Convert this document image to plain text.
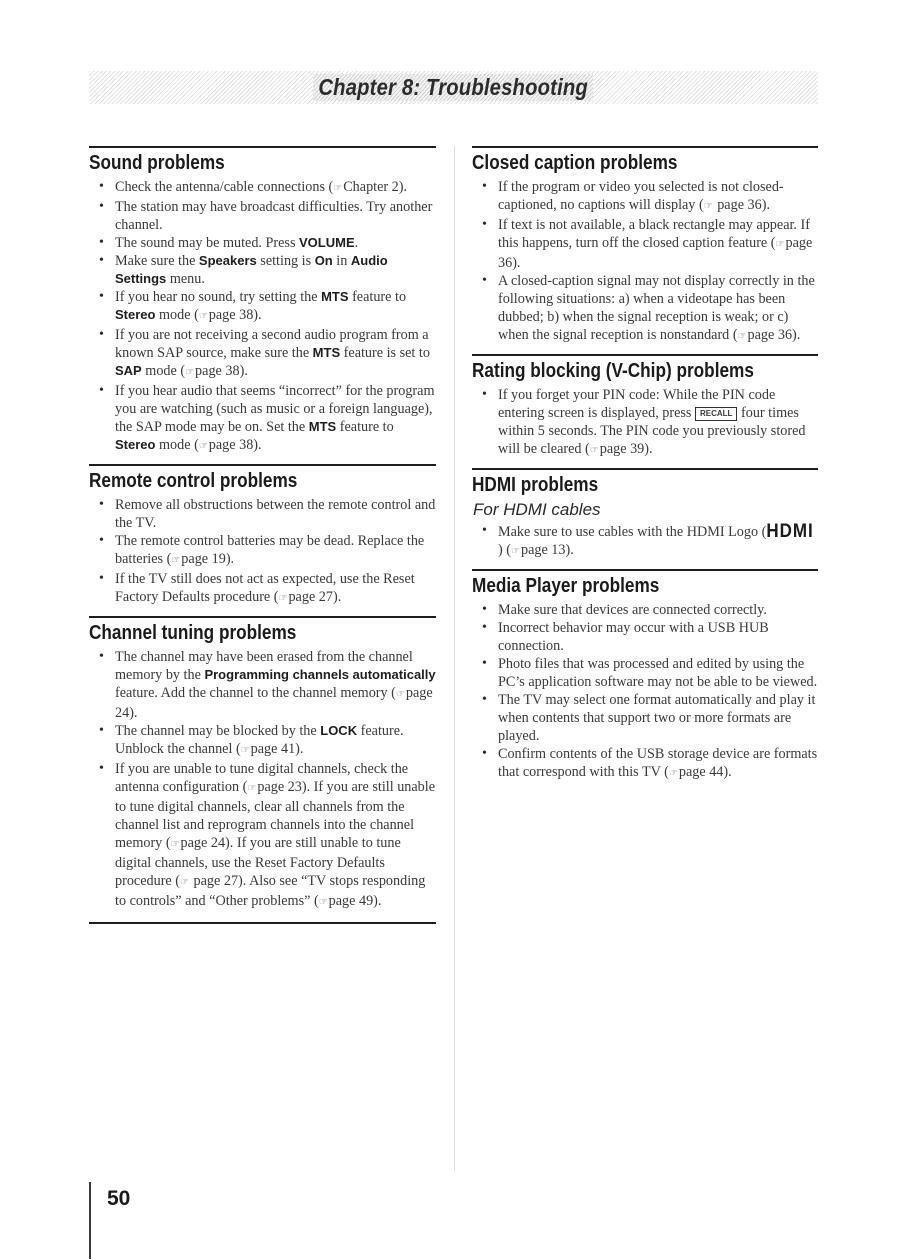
Chapter 8: Troubleshooting
Sound problems
• Check the antenna/cable connections (☞ Chapter 2).
• The station may have broadcast difficulties. Try another channel.
• The sound may be muted. Press VOLUME.
• Make sure the Speakers setting is On in Audio Settings menu.
• If you hear no sound, try setting the MTS feature to Stereo mode (☞ page 38).
• If you are not receiving a second audio program from a known SAP source, make sure the MTS feature is set to SAP mode (☞ page 38).
• If you hear audio that seems “incorrect” for the program you are watching (such as music or a foreign language), the SAP mode may be on. Set the MTS feature to Stereo mode (☞ page 38).
Remote control problems
• Remove all obstructions between the remote control and the TV.
• The remote control batteries may be dead. Replace the batteries (☞ page 19).
• If the TV still does not act as expected, use the Reset Factory Defaults procedure (☞ page 27).
Channel tuning problems
• The channel may have been erased from the channel memory by the Programming channels automatically feature. Add the channel to the channel memory (☞ page 24).
• The channel may be blocked by the LOCK feature. Unblock the channel (☞ page 41).
• If you are unable to tune digital channels, check the antenna configuration (☞ page 23). If you are still unable to tune digital channels, clear all channels from the channel list and reprogram channels into the channel memory (☞ page 24). If you are still unable to tune digital channels, use the Reset Factory Defaults procedure (☞ page 27). Also see “TV stops responding to controls” and “Other problems” (☞ page 49).
Closed caption problems
• If the program or video you selected is not closed-captioned, no captions will display (☞ page 36).
• If text is not available, a black rectangle may appear. If this happens, turn off the closed caption feature (☞ page 36).
• A closed-caption signal may not display correctly in the following situations: a) when a videotape has been dubbed; b) when the signal reception is weak; or c) when the signal reception is nonstandard (☞ page 36).
Rating blocking (V-Chip) problems
• If you forget your PIN code: While the PIN code entering screen is displayed, press RECALL four times within 5 seconds. The PIN code you previously stored will be cleared (☞ page 39).
HDMI problems
For HDMI cables
• Make sure to use cables with the HDMI Logo (HDMI) (☞ page 13).
Media Player problems
• Make sure that devices are connected correctly.
• Incorrect behavior may occur with a USB HUB connection.
• Photo files that was processed and edited by using the PC’s application software may not be able to be viewed.
• The TV may select one format automatically and play it when contents that support two or more formats are played.
• Confirm contents of the USB storage device are formats that correspond with this TV (☞ page 44).
50
